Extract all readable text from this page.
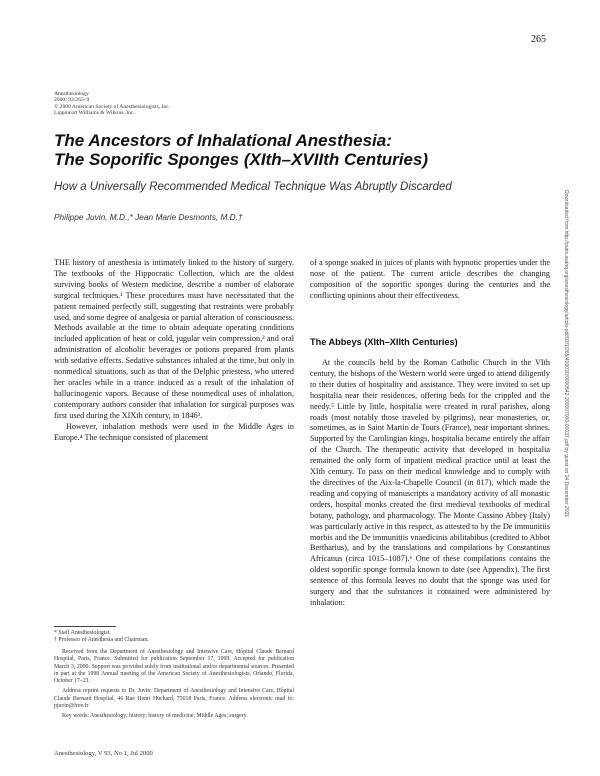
265
Anesthesiology
2000; 93:265–9
© 2000 American Society of Anesthesiologists, Inc.
Lippincott Williams & Wilkins, Inc.
The Ancestors of Inhalational Anesthesia:
The Soporific Sponges (XIth–XVIIth Centuries)
How a Universally Recommended Medical Technique Was Abruptly Discarded
Philippe Juvin, M.D.,* Jean Marie Desmonts, M.D.†	Downloaded from http://pubs.asahq.org/anesthesiology/article-pdf/93/1/265/400030/0000542-200007000-00037.pdf by guest on 24 December 2021

THE history of anesthesia is intimately linked to the history of surgery. The textbooks of the Hippocratic Collection, which are the oldest surviving books of Western medicine, describe a number of elaborate surgical techniques.¹ These procedures must have necessitated that the patient remained perfectly still, suggesting that restraints were probably used, and some degree of analgesia or partial alteration of consciousness. Methods available at the time to obtain adequate operating conditions included application of heat or cold, jugular vein compression,² and oral administration of alcoholic beverages or potions prepared from plants with sedative effects. Sedative substances inhaled at the time, but only in nonmedical situations, such as that of the Delphic priestess, who uttered her oracles while in a trance induced as a result of the inhalation of hallucinogenic vapors. Because of these nonmedical uses of inhalation, contemporary authors consider that inhalation for surgical purposes was first used during the XIXth century, in 1846³.

However, inhalation methods were used in the Middle Ages in Europe.⁴ The technique consisted of placement

of a sponge soaked in juices of plants with hypnotic properties under the nose of the patient. The current article describes the changing composition of the soporific sponges during the centuries and the conflicting opinions about their effectiveness.

The Abbeys (XIth–XIIth Centuries)

At the councils held by the Roman Catholic Church in the VIth century, the bishops of the Western world were urged to attend diligently to their duties of hospitality and assistance. They were invited to set up hospitalia near their residences, offering beds for the crippled and the needy.⁵ Little by little, hospitalia were created in rural parishes, along roads (most notably those traveled by pilgrims), near monasteries, or, sometimes, as in Saint Martin de Tours (France), near important shrines. Supported by the Carolingian kings, hospitalia became entirely the affair of the Church. The therapeutic activity that developed in hospitalia remained the only form of inpatient medical practice until at least the XIth century. To pass on their medical knowledge and to comply with the directives of the Aix-la-Chapelle Council (in 817), which made the reading and copying of manuscripts a mandatory activity of all monastic orders, hospital monks created the first medieval textbooks of medical botany, pathology, and pharmacology. The Monte Cassino Abbey (Italy) was particularly active in this respect, as attested to by the De immunitiis morbis and the De immunitiis vnaedicinis abilitabibus (credited to Abbot Bertharius), and by the translations and compilations by Constantinus Africanus (circa 1015–1087).⁶ One of these compilations contains the oldest soporific sponge formula known to date (see Appendix). The first sentence of this formula leaves no doubt that the sponge was used for surgery and that the substances it contained were administered by inhalation:

* Staff Anesthesiologist.
† Professor of Anesthesia and Chairman.

Received from the Department of Anesthesiology and Intensive Care, Hôpital Claude Bernard Hospital, Paris, France. Submitted for publication September 17, 1999. Accepted for publication March 3, 2000. Support was provided solely from institutional and/or departmental sources. Presented in part at the 1998 Annual meeting of the American Society of Anesthesiologists, Orlando, Florida, October 17–21.

Address reprint requests to Dr. Juvin: Department of Anesthesiology and Intensive Care, Hôpital Claude Bernard Hospital, 46 Rue Henri Huchard, 75018 Paris, France. Address electronic mail to: pjuvin@free.fr

Key words: Anesthesiology; history; history of medicine; Middle Ages; surgery.

Anesthesiology, V 93, No 1, Jul 2000
